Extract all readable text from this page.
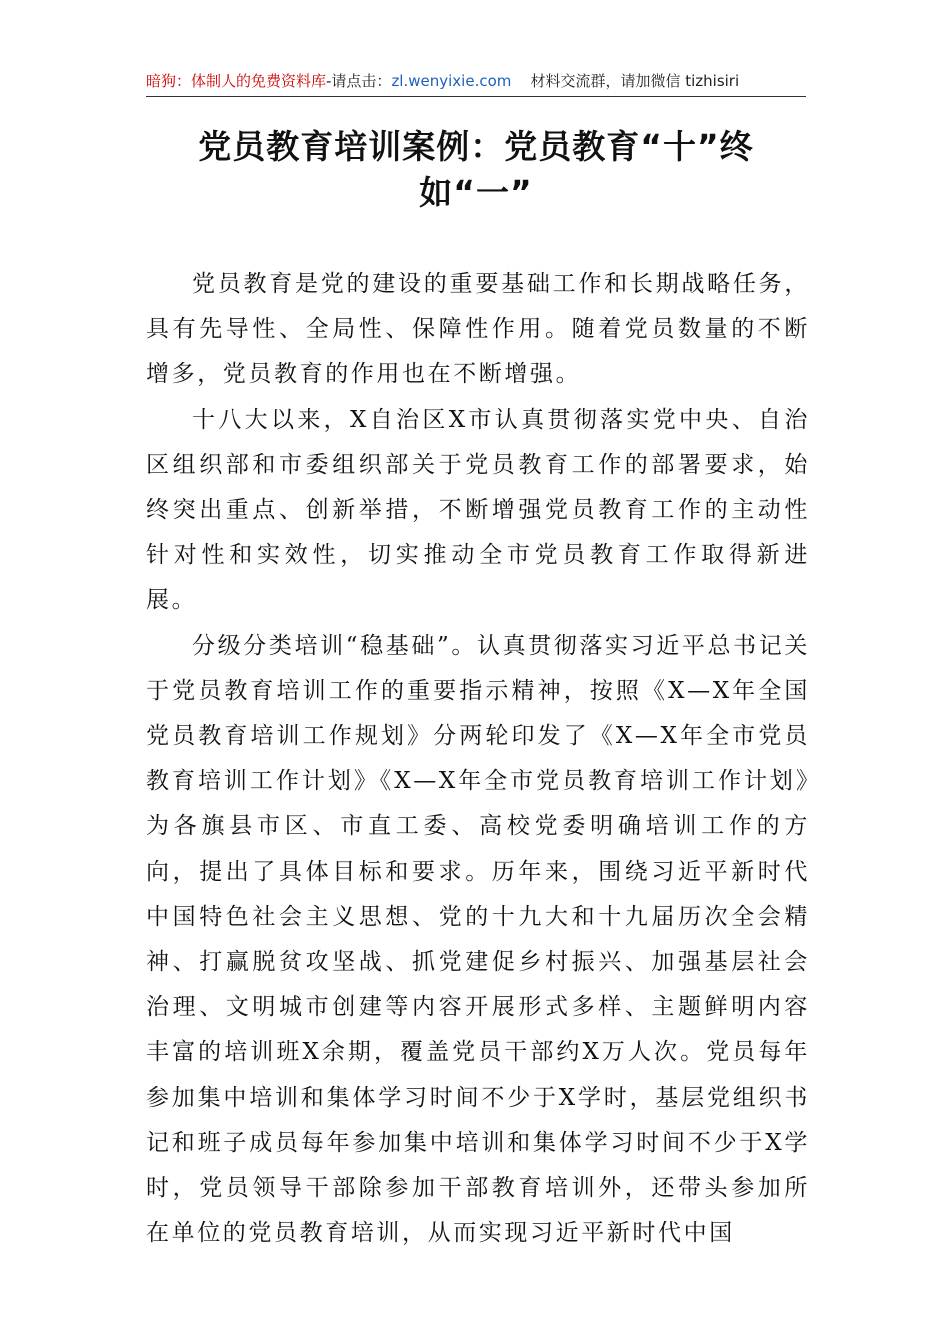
暗狗：体制人的免费资料库-请点击：zl.wenyixie.com 材料交流群，请加微信 tizhisiri
党员教育培训案例：党员教育“十”终如“一”

党员教育是党的建设的重要基础工作和长期战略任务，具有先导性、全局性、保障性作用。随着党员数量的不断增多，党员教育的作用也在不断增强。

十八大以来，X自治区X市认真贯彻落实党中央、自治区组织部和市委组织部关于党员教育工作的部署要求，始终突出重点、创新举措，不断增强党员教育工作的主动性针对性和实效性，切实推动全市党员教育工作取得新进展。

分级分类培训“稳基础”。认真贯彻落实习近平总书记关于党员教育培训工作的重要指示精神，按照《X—X年全国党员教育培训工作规划》分两轮印发了《X—X年全市党员教育培训工作计划》《X—X年全市党员教育培训工作计划》为各旗县市区、市直工委、高校党委明确培训工作的方向，提出了具体目标和要求。历年来，围绕习近平新时代中国特色社会主义思想、党的十九大和十九届历次全会精神、打赢脱贫攻坚战、抓党建促乡村振兴、加强基层社会治理、文明城市创建等内容开展形式多样、主题鲜明内容丰富的培训班X余期，覆盖党员干部约X万人次。党员每年参加集中培训和集体学习时间不少于X学时，基层党组织书记和班子成员每年参加集中培训和集体学习时间不少于X学时，党员领导干部除参加干部教育培训外，还带头参加所在单位的党员教育培训，从而实现习近平新时代中国
